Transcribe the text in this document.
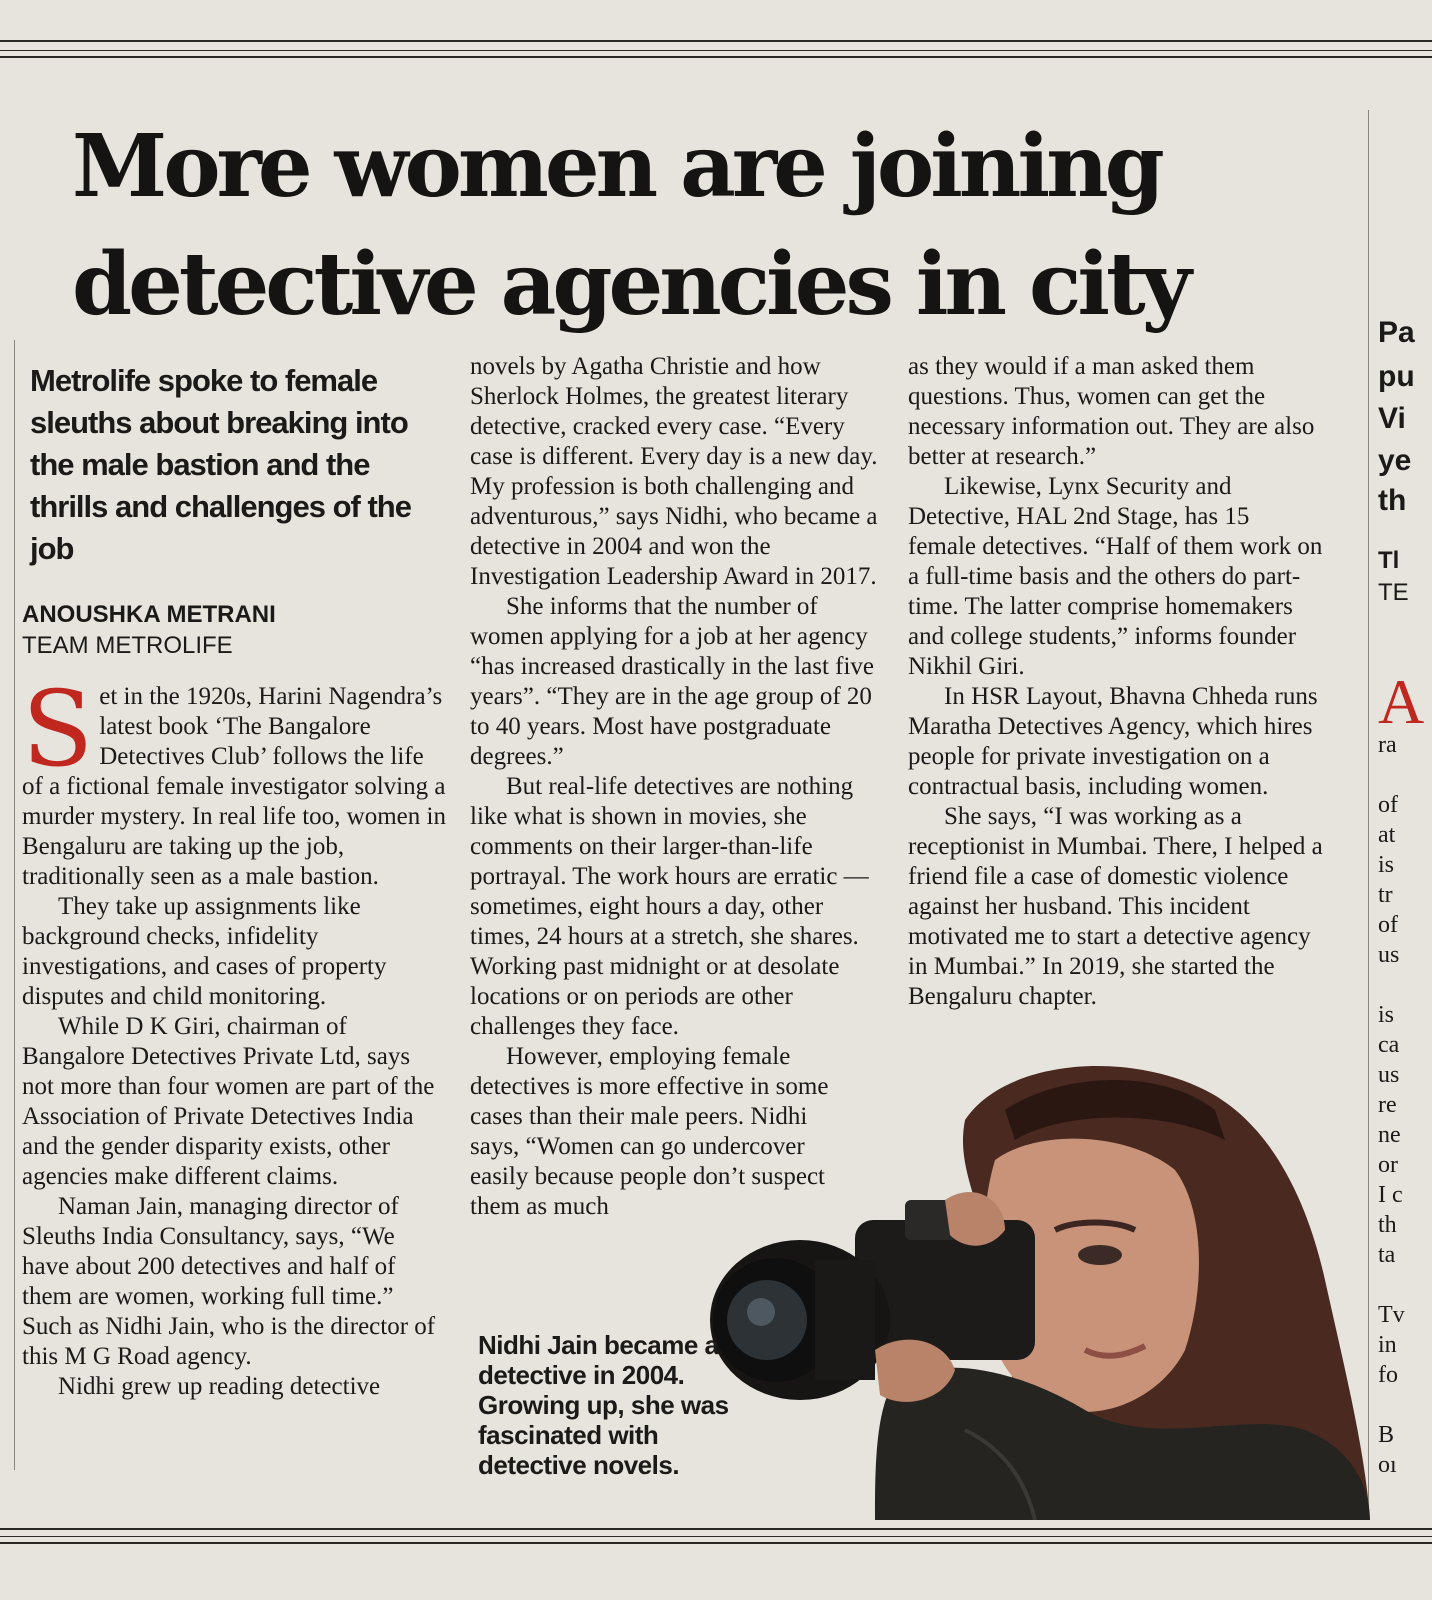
More women are joining
detective agencies in city
Metrolife spoke to female sleuths about breaking into the male bastion and the thrills and challenges of the job
ANOUSHKA METRANI
TEAM METROLIFE

Set in the 1920s, Harini Nagendra’s latest book ‘The Bangalore Detectives Club’ follows the life of a fictional female investigator solving a murder mystery. In real life too, women in Bengaluru are taking up the job, traditionally seen as a male bastion.

They take up assignments like background checks, infidelity investigations, and cases of property disputes and child monitoring.

While D K Giri, chairman of Bangalore Detectives Private Ltd, says not more than four women are part of the Association of Private Detectives India and the gender disparity exists, other agencies make different claims.

Naman Jain, managing director of Sleuths India Consultancy, says, “We have about 200 detectives and half of them are women, working full time.” Such as Nidhi Jain, who is the director of this M G Road agency.

Nidhi grew up reading detective

novels by Agatha Christie and how Sherlock Holmes, the greatest literary detective, cracked every case. “Every case is different. Every day is a new day. My profession is both challenging and adventurous,” says Nidhi, who became a detective in 2004 and won the Investigation Leadership Award in 2017.

She informs that the number of women applying for a job at her agency “has increased drastically in the last five years”. “They are in the age group of 20 to 40 years. Most have postgraduate degrees.”

But real-life detectives are nothing like what is shown in movies, she comments on their larger-than-life portrayal. The work hours are erratic — sometimes, eight hours a day, other times, 24 hours at a stretch, she shares. Working past midnight or at desolate locations or on periods are other challenges they face.

However, employing female detectives is more effective in some cases than their male peers. Nidhi says, “Women can go undercover easily because people don’t suspect them as much

as they would if a man asked them questions. Thus, women can get the necessary information out. They are also better at research.”

Likewise, Lynx Security and Detective, HAL 2nd Stage, has 15 female detectives. “Half of them work on a full-time basis and the others do part-time. The latter comprise homemakers and college students,” informs founder Nikhil Giri.

In HSR Layout, Bhavna Chheda runs Maratha Detectives Agency, which hires people for private investigation on a contractual basis, including women.

She says, “I was working as a receptionist in Mumbai. There, I helped a friend file a case of domestic violence against her husband. This incident motivated me to start a detective agency in Mumbai.” In 2019, she started the Bengaluru chapter.

Nidhi Jain became a detective in 2004. Growing up, she was fascinated with detective novels.
Pa
pu
Vi
ye
th
Tl
TE
A
ra
of
at
is
tr
of
us
is
ca
us
re
ne
or
I c
th
ta
Tv
in
fo
B
oı
